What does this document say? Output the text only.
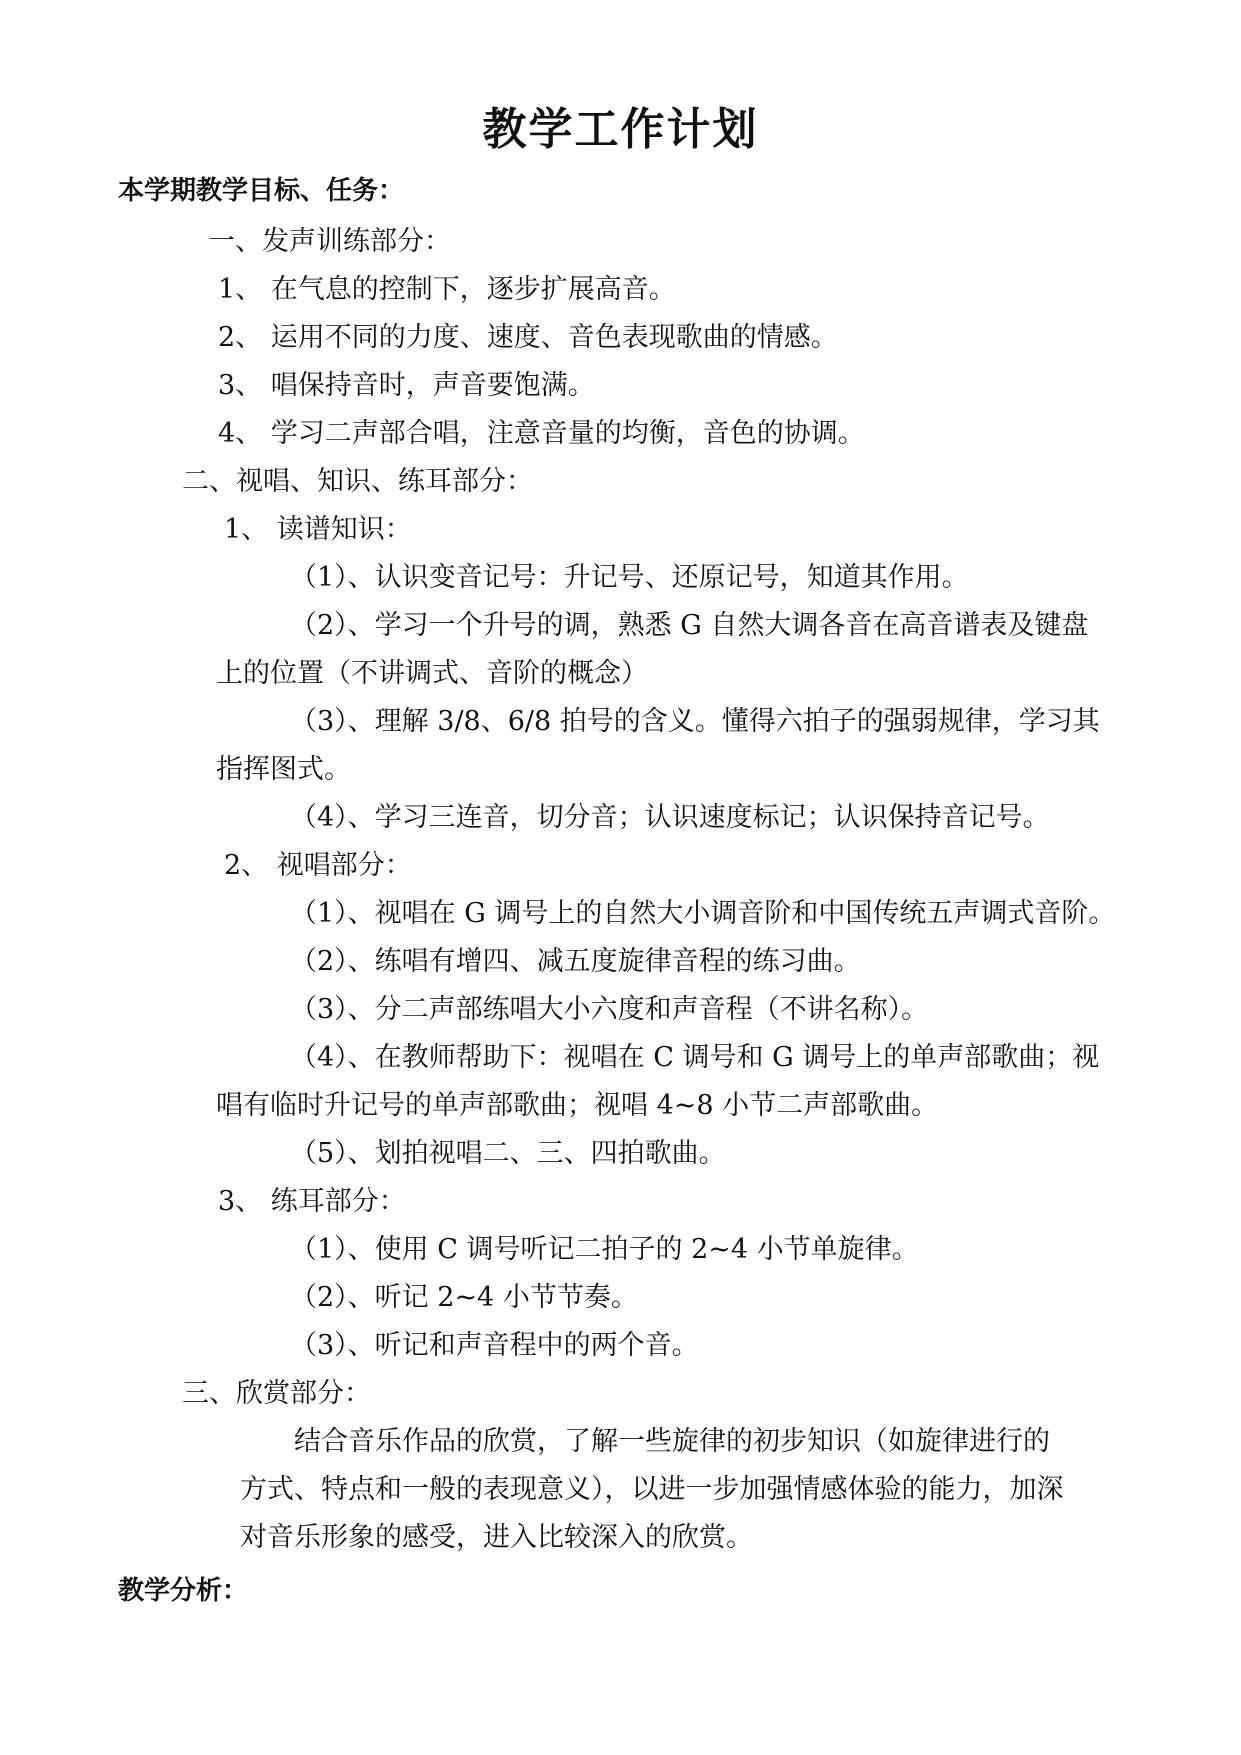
教学工作计划
本学期教学目标、任务：
一、发声训练部分：
1、 在气息的控制下，逐步扩展高音。
2、 运用不同的力度、速度、音色表现歌曲的情感。
3、 唱保持音时，声音要饱满。
4、 学习二声部合唱，注意音量的均衡，音色的协调。
二、视唱、知识、练耳部分：
1、 读谱知识：
（1）、认识变音记号：升记号、还原记号，知道其作用。
（2）、学习一个升号的调，熟悉 G 自然大调各音在高音谱表及键盘
上的位置（不讲调式、音阶的概念）
（3）、理解 3/8、6/8 拍号的含义。懂得六拍子的强弱规律，学习其
指挥图式。
（4）、学习三连音，切分音；认识速度标记；认识保持音记号。
2、 视唱部分：
（1）、视唱在 G 调号上的自然大小调音阶和中国传统五声调式音阶。
（2）、练唱有增四、减五度旋律音程的练习曲。
（3）、分二声部练唱大小六度和声音程（不讲名称）。
（4）、在教师帮助下：视唱在 C 调号和 G 调号上的单声部歌曲；视
唱有临时升记号的单声部歌曲；视唱 4~8 小节二声部歌曲。
（5）、划拍视唱二、三、四拍歌曲。
3、 练耳部分：
（1）、使用 C 调号听记二拍子的 2~4 小节单旋律。
（2）、听记 2~4 小节节奏。
（3）、听记和声音程中的两个音。
三、欣赏部分：
结合音乐作品的欣赏，了解一些旋律的初步知识（如旋律进行的
方式、特点和一般的表现意义），以进一步加强情感体验的能力，加深
对音乐形象的感受，进入比较深入的欣赏。
教学分析：
